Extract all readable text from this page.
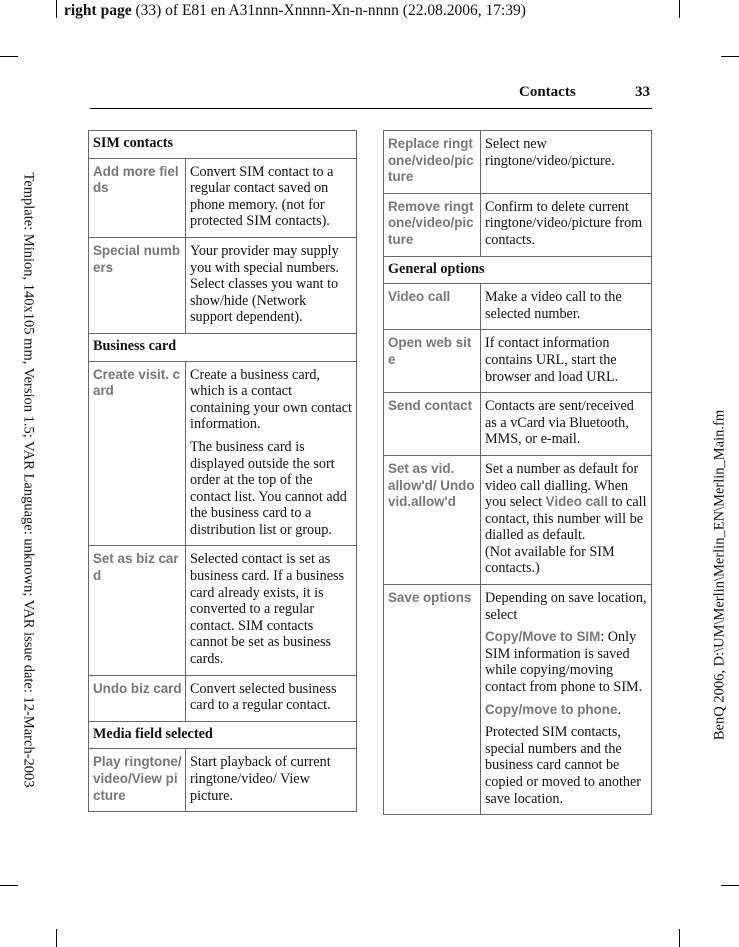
right page (33) of E81 en A31nnn-Xnnnn-Xn-n-nnnn (22.08.2006, 17:39)
Contacts	33
Template: Minion, 140x105 mm, Version 1.5; VAR Language: unknown; VAR issue date: 12-March-2003	BenQ 2006, D:\UM\Merlin\Merlin_EN\Merlin_Main.fm
SIM contacts	
Add more fields	Convert SIM contact to a regular contact saved on phone memory. (not for protected SIM contacts).
Special numbers	Your provider may supply you with special numbers. Select classes you want to show/hide (Network support dependent).
Business card	
Create visit. card	Create a business card, which is a contact containing your own contact information.

The business card is displayed outside the sort order at the top of the contact list. You cannot add the business card to a distribution list or group.

Set as biz card	Selected contact is set as business card. If a business card already exists, it is converted to a regular contact. SIM contacts cannot be set as business cards.
Undo biz card	Convert selected business card to a regular contact.
Media field selected	
Play ringtone/video/View picture	Start playback of current ringtone/video/ View picture.
Replace ringtone/video/picture	Select new ringtone/video/picture.
Remove ringtone/video/picture	Confirm to delete current ringtone/video/picture from contacts.
General options	
Video call	Make a video call to the selected number.
Open web site	If contact information contains URL, start the browser and load URL.
Send contact	Contacts are sent/received as a vCard via Bluetooth, MMS, or e-mail.
Set as vid. allow'd/ Undo vid.allow'd	Set a number as default for video call dialling. When you select Video call to call contact, this number will be dialled as default.
(Not available for SIM contacts.)
Save options	Depending on save location, select

Copy/Move to SIM: Only SIM information is saved while copying/moving contact from phone to SIM.

Copy/move to phone.

Protected SIM contacts, special numbers and the business card cannot be copied or moved to another save location.
